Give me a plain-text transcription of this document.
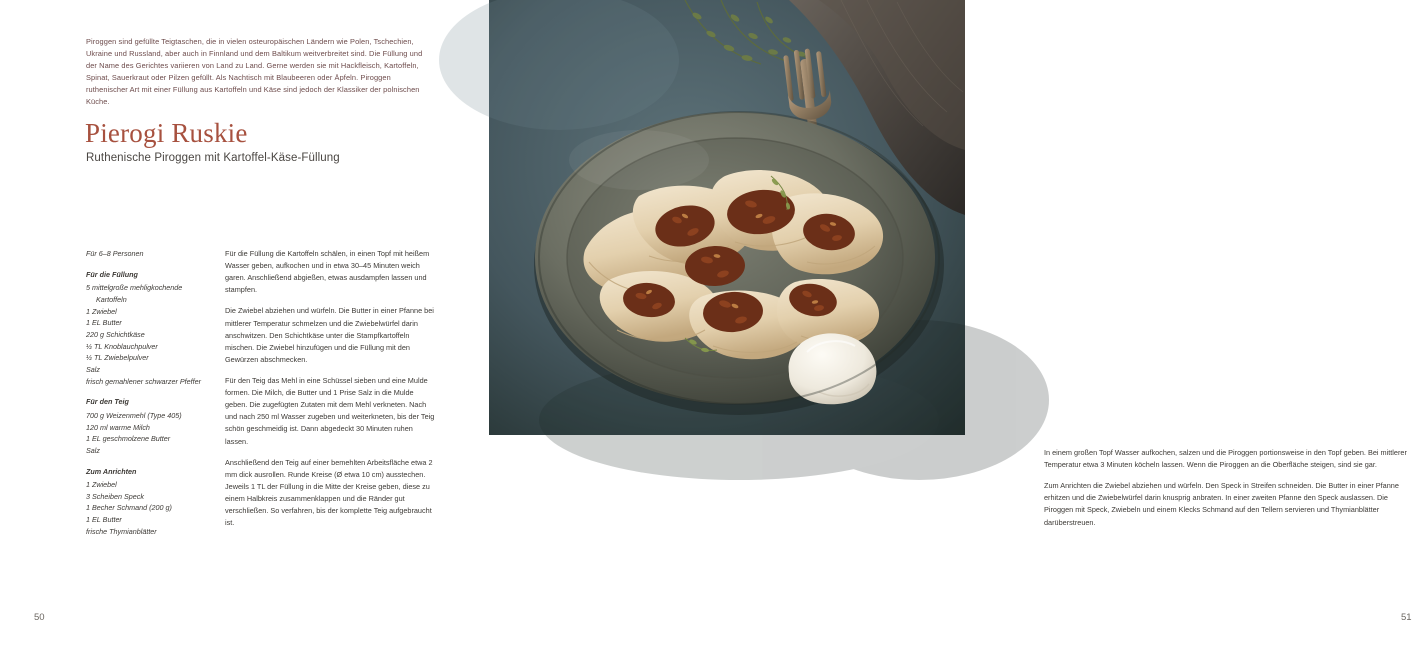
Piroggen sind gefüllte Teigtaschen, die in vielen osteuropäischen Ländern wie Polen, Tschechien, Ukraine und Russland, aber auch in Finnland und dem Baltikum weitverbreitet sind. Die Füllung und der Name des Gerichtes variieren von Land zu Land. Gerne werden sie mit Hackfleisch, Kartoffeln, Spinat, Sauerkraut oder Pilzen gefüllt. Als Nachtisch mit Blaubeeren oder Äpfeln. Piroggen ruthenischer Art mit einer Füllung aus Kartoffeln und Käse sind jedoch der Klassiker der polnischen Küche.
Pierogi Ruskie
Ruthenische Piroggen mit Kartoffel-Käse-Füllung
Für 6–8 Personen
Für die Füllung
5 mittelgroße mehligkochende
Kartoffeln
1 Zwiebel
1 EL Butter
220 g Schichtkäse
½ TL Knoblauchpulver
½ TL Zwiebelpulver
Salz
frisch gemahlener schwarzer Pfeffer
Für den Teig
700 g Weizenmehl (Type 405)
120 ml warme Milch
1 EL geschmolzene Butter
Salz
Zum Anrichten
1 Zwiebel
3 Scheiben Speck
1 Becher Schmand (200 g)
1 EL Butter
frische Thymianblätter

Für die Füllung die Kartoffeln schälen, in einen Topf mit heißem Wasser geben, aufkochen und in etwa 30–45 Minuten weich garen. Anschließend abgießen, etwas ausdampfen lassen und stampfen.

Die Zwiebel abziehen und würfeln. Die Butter in einer Pfanne bei mittlerer Temperatur schmelzen und die Zwiebelwürfel darin anschwitzen. Den Schichtkäse unter die Stampfkartoffeln mischen. Die Zwiebel hinzufügen und die Füllung mit den Gewürzen abschmecken.

Für den Teig das Mehl in eine Schüssel sieben und eine Mulde formen. Die Milch, die Butter und 1 Prise Salz in die Mulde geben. Die zugefügten Zutaten mit dem Mehl verkneten. Nach und nach 250 ml Wasser zugeben und weiterkneten, bis der Teig schön geschmeidig ist. Dann abgedeckt 30 Minuten ruhen lassen.

Anschließend den Teig auf einer bemehlten Arbeitsfläche etwa 2 mm dick ausrollen. Runde Kreise (Ø etwa 10 cm) ausstechen. Jeweils 1 TL der Füllung in die Mitte der Kreise geben, diese zu einem Halbkreis zusammenklappen und die Ränder gut verschließen. So verfahren, bis der komplette Teig aufgebraucht ist.

50

In einem großen Topf Wasser aufkochen, salzen und die Piroggen portionsweise in den Topf geben. Bei mittlerer Temperatur etwa 3 Minuten köcheln lassen. Wenn die Piroggen an die Oberfläche steigen, sind sie gar.

Zum Anrichten die Zwiebel abziehen und würfeln. Den Speck in Streifen schneiden. Die Butter in einer Pfanne erhitzen und die Zwiebelwürfel darin knusprig anbraten. In einer zweiten Pfanne den Speck auslassen. Die Piroggen mit Speck, Zwiebeln und einem Klecks Schmand auf den Tellern servieren und Thymianblätter darüberstreuen.

51
